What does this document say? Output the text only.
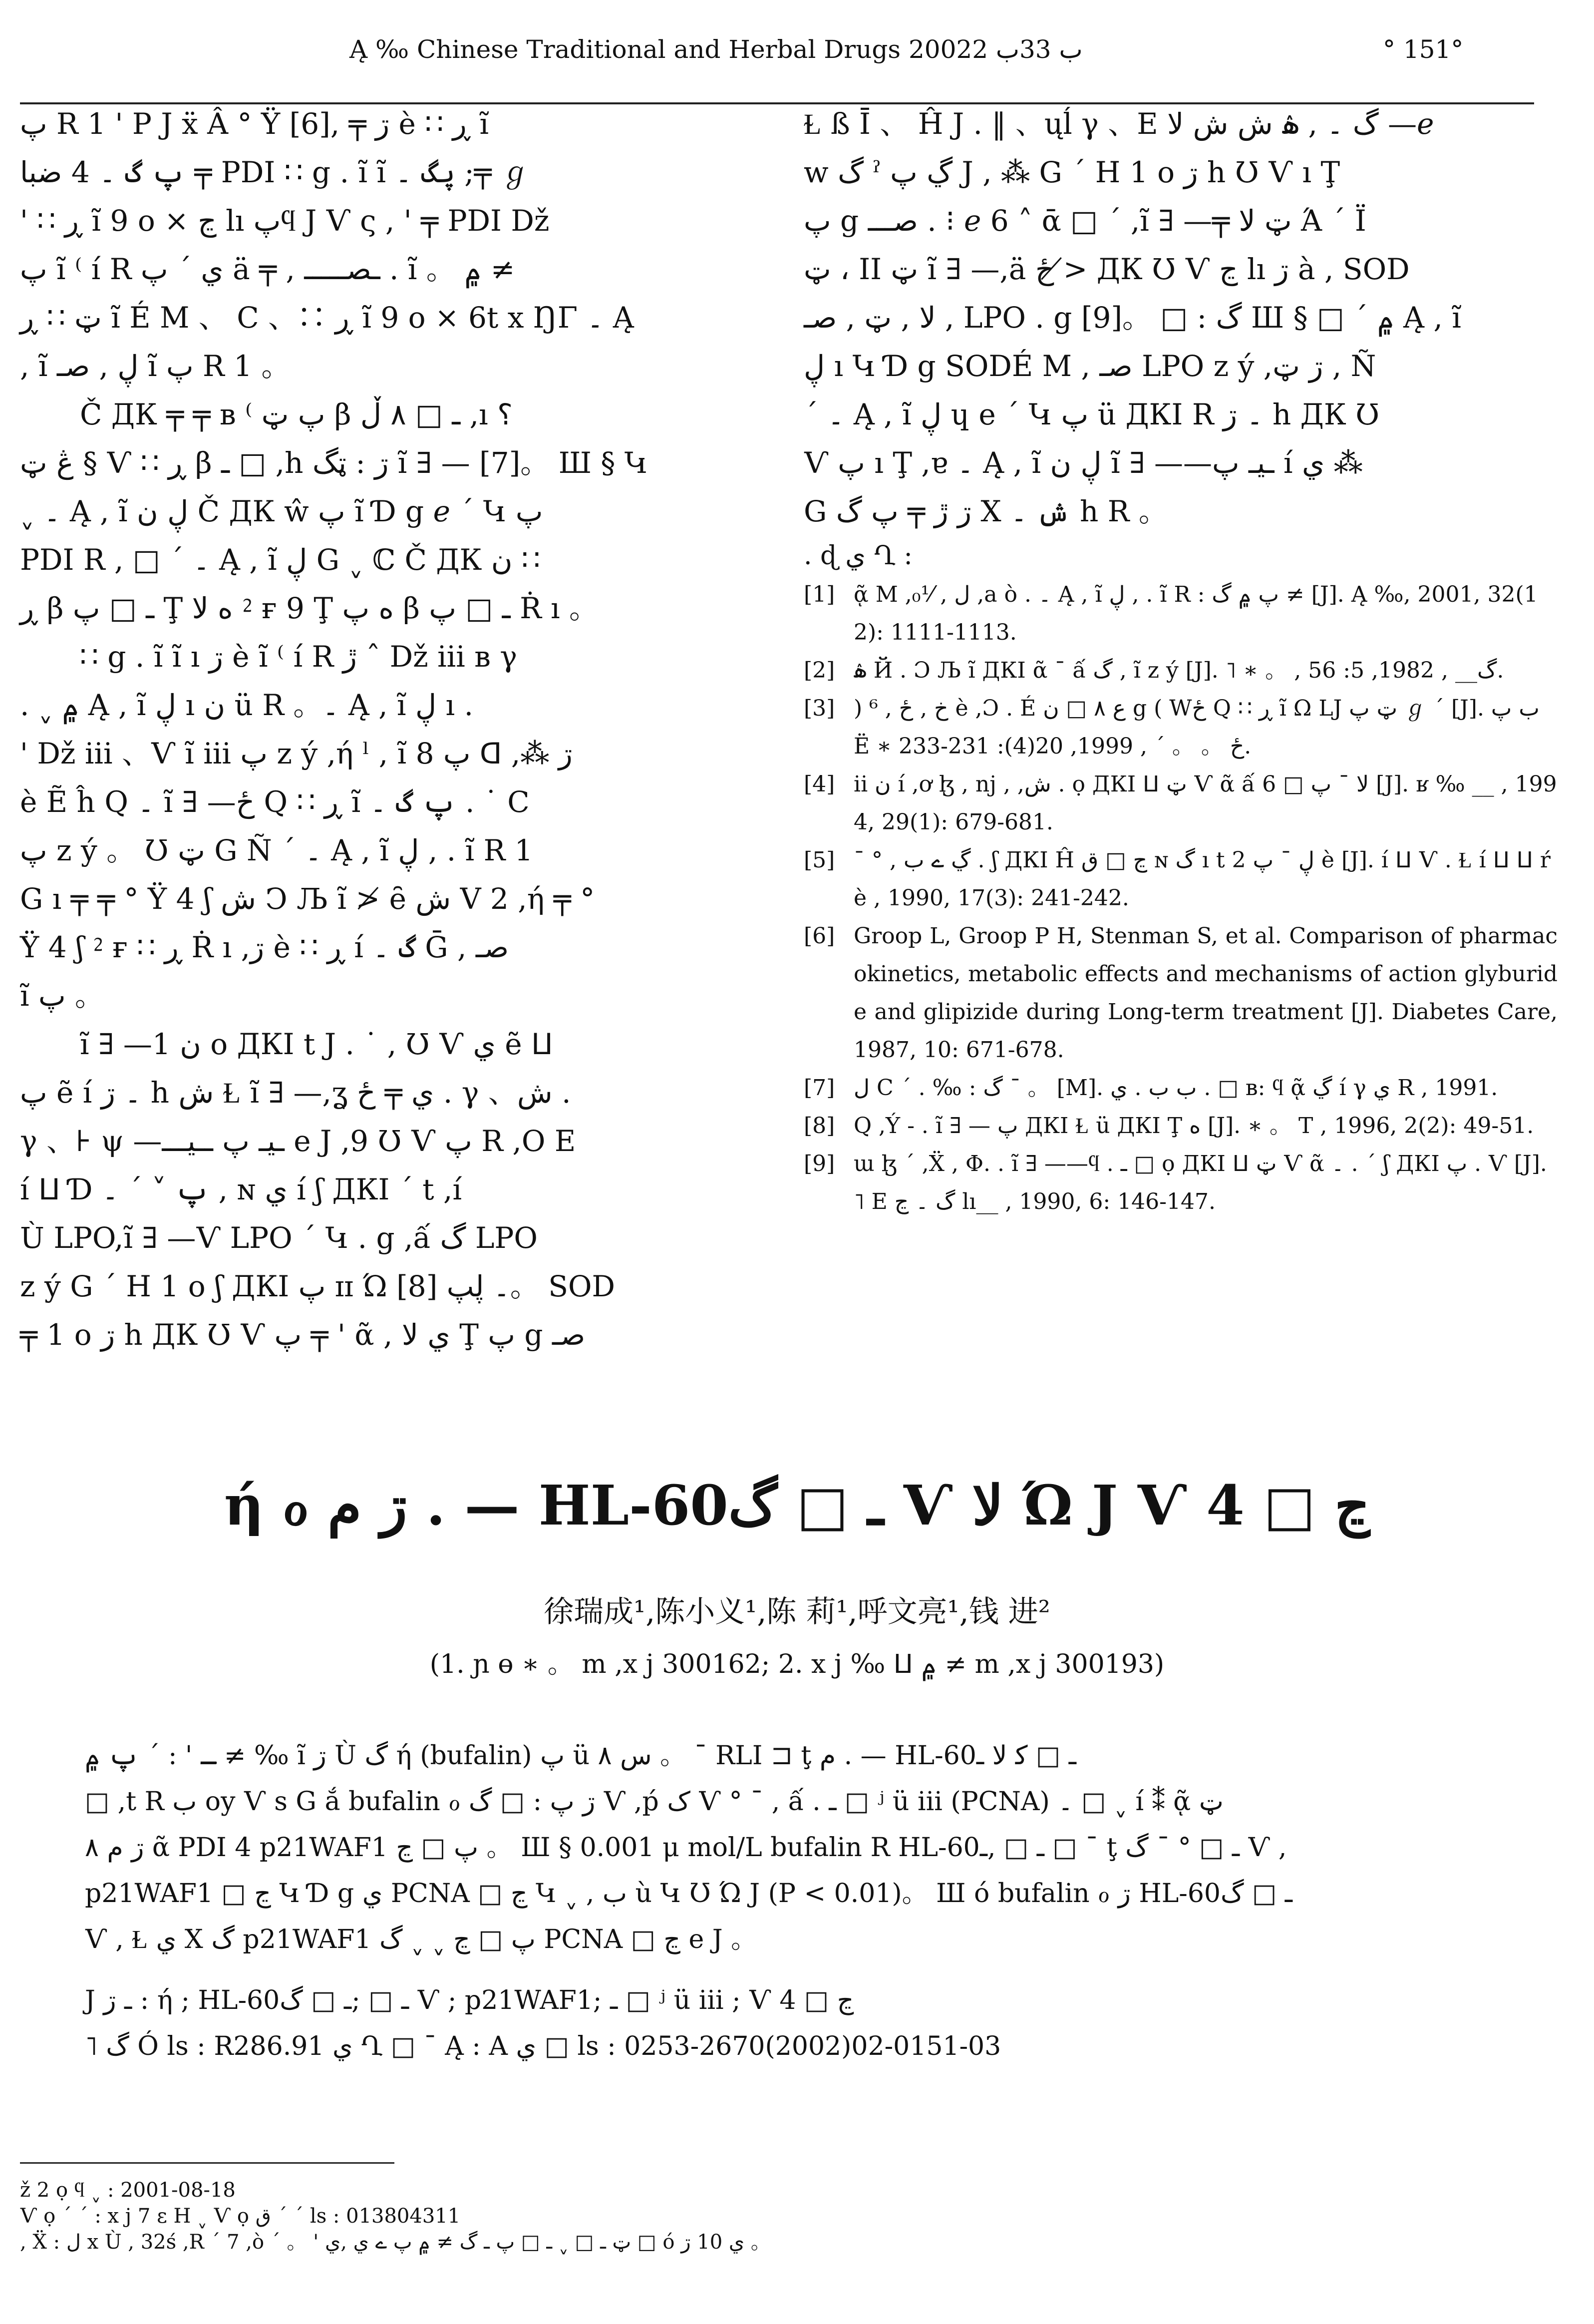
Ą ‰ Chinese Traditional and Herbal Drugs 2002ب 33ب 2	° 151°

پ R 1 ' P J ẍ Â ° Ÿ [6], ╤ ڗ è ∷ ڕ ĩ

پ گ ۔ 4 ضبا ╤ PDI ∷ g . ĩ ĩ پگ ۔ ;╤ ℊ

' ∷ ڕ ĩ 9 o × ڃ lı پϥ J Ѵ ς , ' ╤ PDI Dž

پ ĩ ⁽ í R ي ˊ پ ä ╤ , ـصـــــ . ĩ 。 ۾ ≠

ټ ∷ ڕ ĩ É M 、 C 、∷ ڕ ĩ 9 o × 6t x ŊΓ ۔ Ą

, ĩ ڸ , صـ ĩ پ R 1 。

Č ДК ╤ ╤ ʙ ⁽ پ ټ β ـ □ ٨ ڵ ,ı ؟

ڠ ټ § Ѵ ∷ ڕ β ـ □ ,h ڗ : ټگ ĩ ∃ — [7]。 Ш § Կ

ˬ ۔ Ą , ĩ ڸ ن Č ДК ŵ پ ĩ Ɗ g ℯ ˊ Կ پ

PDI R , □ ˊ ۔ Ą , ĩ ڸ G ˬ ℂ Č ДК ن ∷

ڕ β ـ □ پ Ţ ﻩ ﻻ ⁲ ғ 9 Ţ ﻩ پ β ـ □ پ Ṙ ı 。

∷ g . ĩ ĩ ı ڗ è ĩ ⁽ í R ڙ ˆ Dž iii в γ

. ˬ ۾ Ą , ĩ ڸ ı ن ü R 。۔ Ą , ĩ ڸ ı .

' Dž iii 、Ѵ ĩ iii پ z ý ,ή ˡ , ĩ پ 8 ᗡ ,⁂ ڗ

è Ẽ ĥ Q ۔ ĩ ∃ —ځ Q ∷ ڕ ĩ پ گ ۔ . ˙ C

پ z ý 。 Ʊ ټ G Ñ ˊ ۔ Ą , ĩ ڸ , . ĩ R 1

G ı ╤ ╤ ° Ÿ 4 ʃ ش Ↄ Љ ĩ ≯ ȇ ش V 2 ,ή ╤ °

Ÿ 4 ʃ ⁲ ғ ∷ ڕ Ṙ ı ,ڗ è ∷ ڕ í گ ۔ Ḡ , صـ

ĩ پ 。

ĩ ∃ —ن 1 o ДКI t J . ˙ , Ʊ Ѵ ي ẽ ⵡ

پ ẽ í ۔ ڗ h ش Ɫ ĩ ∃ —,ʓ ي ╤ ځ . γ 、ش .

γ 、⊦ ψ —ـيـ پ ــيـــ e J ,9 Ʊ Ѵ پ R ,O E

í ⵡ Ɗ پ ˅ ˊ ۔ , ɴ ي í ʃ ДКI ˊ t ,í

Ù LPO,ĩ ∃ —Ѵ LPO ˊ Կ . g ,ấ گ LPO

z ý G ˊ H 1 o ʃ ДКI پ ɪɪ Ώ ۔ ڸپ [8]。 SOD

╤ 1 o ڗ h ДК Ʊ Ѵ پ ╤ ' ᾶ , ي ﻻ Ţ پ g صـ

Ɫ ß Ī 、 Ĥ J . ‖ 、ųĺ γ 、E گ ۔ , ۿ ش ش ﻻ —ℯ

w گ ˀ ڲ پ J , ⁂ G ˊ H 1 o ڗ h Ʊ Ѵ ı Ţ

پ g صـــ . ⁝ ℯ 6 ˄ ᾱ □ ˊ ,ĩ ∃ —╤ ټ ﻻ Ά ˊ Ï

ټ ، II ټ ĩ ∃ —,ä ځ ≯ ДК Ʊ Ѵ ڃ lı ڗ à , SOD

ﻻ , ټ , صـ , LPO . g [9]。 □ : گ Ш § □ ˊ ۾ Ą , ĩ

ڸ ı Կ Ɗ g SODÉ M , صـ LPO z ý ,ڗ ټ , Ñ

ˊ ۔ Ą , ĩ ڸ ɥ e ˊ Կ پ ü ДКI R ۔ ڗ h ДК Ʊ

Ѵ پ ı Ţ ,ɐ ۔ Ą , ĩ ڸ ن ĩ ∃ ——ـيـ پ í ي ⁂

G ڗ ڙ ╤ پ گ X ش ۔ h R 。

. ɖ ي Ղ :

[1] ᾷ M ,ل , ⅟₀ ,a ò . ۔ Ą , ĩ ڸ , . ĩ R : پ ۾ گ ≠ [J]. Ą ‰, 2001, 32(12): 1111-1113.

[2] ۿ Й . Ɔ Љ ĩ ДКI ᾶ ˉ ấ گ , ĩ z ý [J]. ˥ ∗ 。 , گ__ , 1982, 5: 56.

[3] ) ⁶ , خ , ځ è ,Ɔ . É ﻉ ٨ □ ن g ( Wځ Q ∷ ڕ ĩ Ω LJ ټ پ ℊ ˊ [J]. ﺏ پ Ë ∗ ځ 。 。 ˊ , 1999, 20(4): 231-233.

[4] ii ن í ,ơ ɮ , nj , ,ش . ọ ДКI ⵡ ټ Ѵ ᾶ ấ ﻻ ˉ پ □ 6 [J]. ʁ ‰ __ , 1994, 29(1): 679-681.

[5] ˉ ° , ڲ ے ب . ʃ ДКI Ĥ ڃ □ ﻕ ɴ گ ı t ڸ ˉ پ 2 è [J]. í ⵡ Ѵ . Ɫ í ⵡ ⵡ ŕ è , 1990, 17(3): 241-242.

[6] Groop L, Groop P H, Stenman S, et al. Comparison of pharmacokinetics, metabolic effects and mechanisms of action glyburide and glipizide during Long-term treatment [J]. Diabetes Care, 1987, 10: 671-678.

[7] ﻝ C ˊ . ‰ : گ ˉ 。 [M]. ﺏ ﺏ . ي . □ ʙ: ϥ ᾷ ڲ í γ ي R , 1991.

[8] Q ,Ý - . ĩ ∃ — پ ДКI Ɫ ü ДКI Ţ ﻩ [J]. ∗ 。 T , 1996, 2(2): 49-51.

[9] ɯ ɮ ˊ ,Ẍ , Φ. . ĩ ∃ ——ϥ . ـ □ ọ ДКI ⵡ ټ Ѵ ᾶ ۔ . ˊ ʃ ДКI پ . Ѵ [J]. ˥ E گ ۔ ڃ lı__ , 1990, 6: 146-147.

ή ℴ ڗ م . — HL-60ـ □ گ Ѵ ﻻ Ώ J Ѵ 4 □ ڃ
徐瑞成¹,陈小义¹,陈 莉¹,呼文亮¹,钱 进²
(1. ɲ ɵ ∗ 。 m ,x j 300162; 2. x j ‰ ⵡ ۾ ≠ m ,x j 300193)

ـ ' : ˊ پ ۾ ≠ ‰ ĩ ڗ Ù گ ή (bufalin) پ ü ﺱ ٨ 。 ˉ RLI ⊐ ţ م . — HL-60ـ □ ﻛ ﻻ ـ

□ ,t R ﺏ oy Ѵ s G ắ bufalin ℴ ڗ پ : □ گ Ѵ ,ṕ ک Ѵ ° ˉ , ấ . ـ □ ʲ ü iii (PCNA) ۔ □ ˬ í ⁑ ᾷ ټ

ڗ م ٨ ᾶ PDI 4 p21WAF1 پ □ ڃ 。 Ш § 0.001 μ mol/L bufalin R HL-60ـ □ ,ـ □ ˉ ţ ـ □ ° ˉ گ Ѵ ,

p21WAF1 □ ڃ Կ Ɗ g ي PCNA □ ڃ Կ ˬ , ﺏ ù Կ Ʊ Ώ J (P < 0.01)。 Ш ó bufalin ℴ ڗ HL-60ـ □ گ

Ѵ , Ɫ ي X گ p21WAF1 پ □ ڃ ˬ ˬ گ PCNA □ ڃ e J 。

J ـ ڗ : ή ; HL-60ـ □ ;ـ □ گ Ѵ ; p21WAF1; ـ □ ʲ ü iii ; Ѵ 4 □ ڃ
˥ گ Ó ls : R286.91 ي Ղ □ ˉ Ą : A ي □ ls : 0253-2670(2002)02-0151-03

ž 2 ọ ϥ ˬ : 2001-08-18

Ѵ ọ ˊ ˊ : x j 7 ɛ H ˬ Ѵ ọ ﻕ ˊ ˊ ls : 013804311

, Ẍ : ﻝ x Ù , 32ś ,R ˊ 7 ,ò ˊ 。 ' ټ ـ □ ˬ ـ □ پ ـ گ ≠ ۾ پ ے ي ,ي □ ó ي 10 ڗ 。
